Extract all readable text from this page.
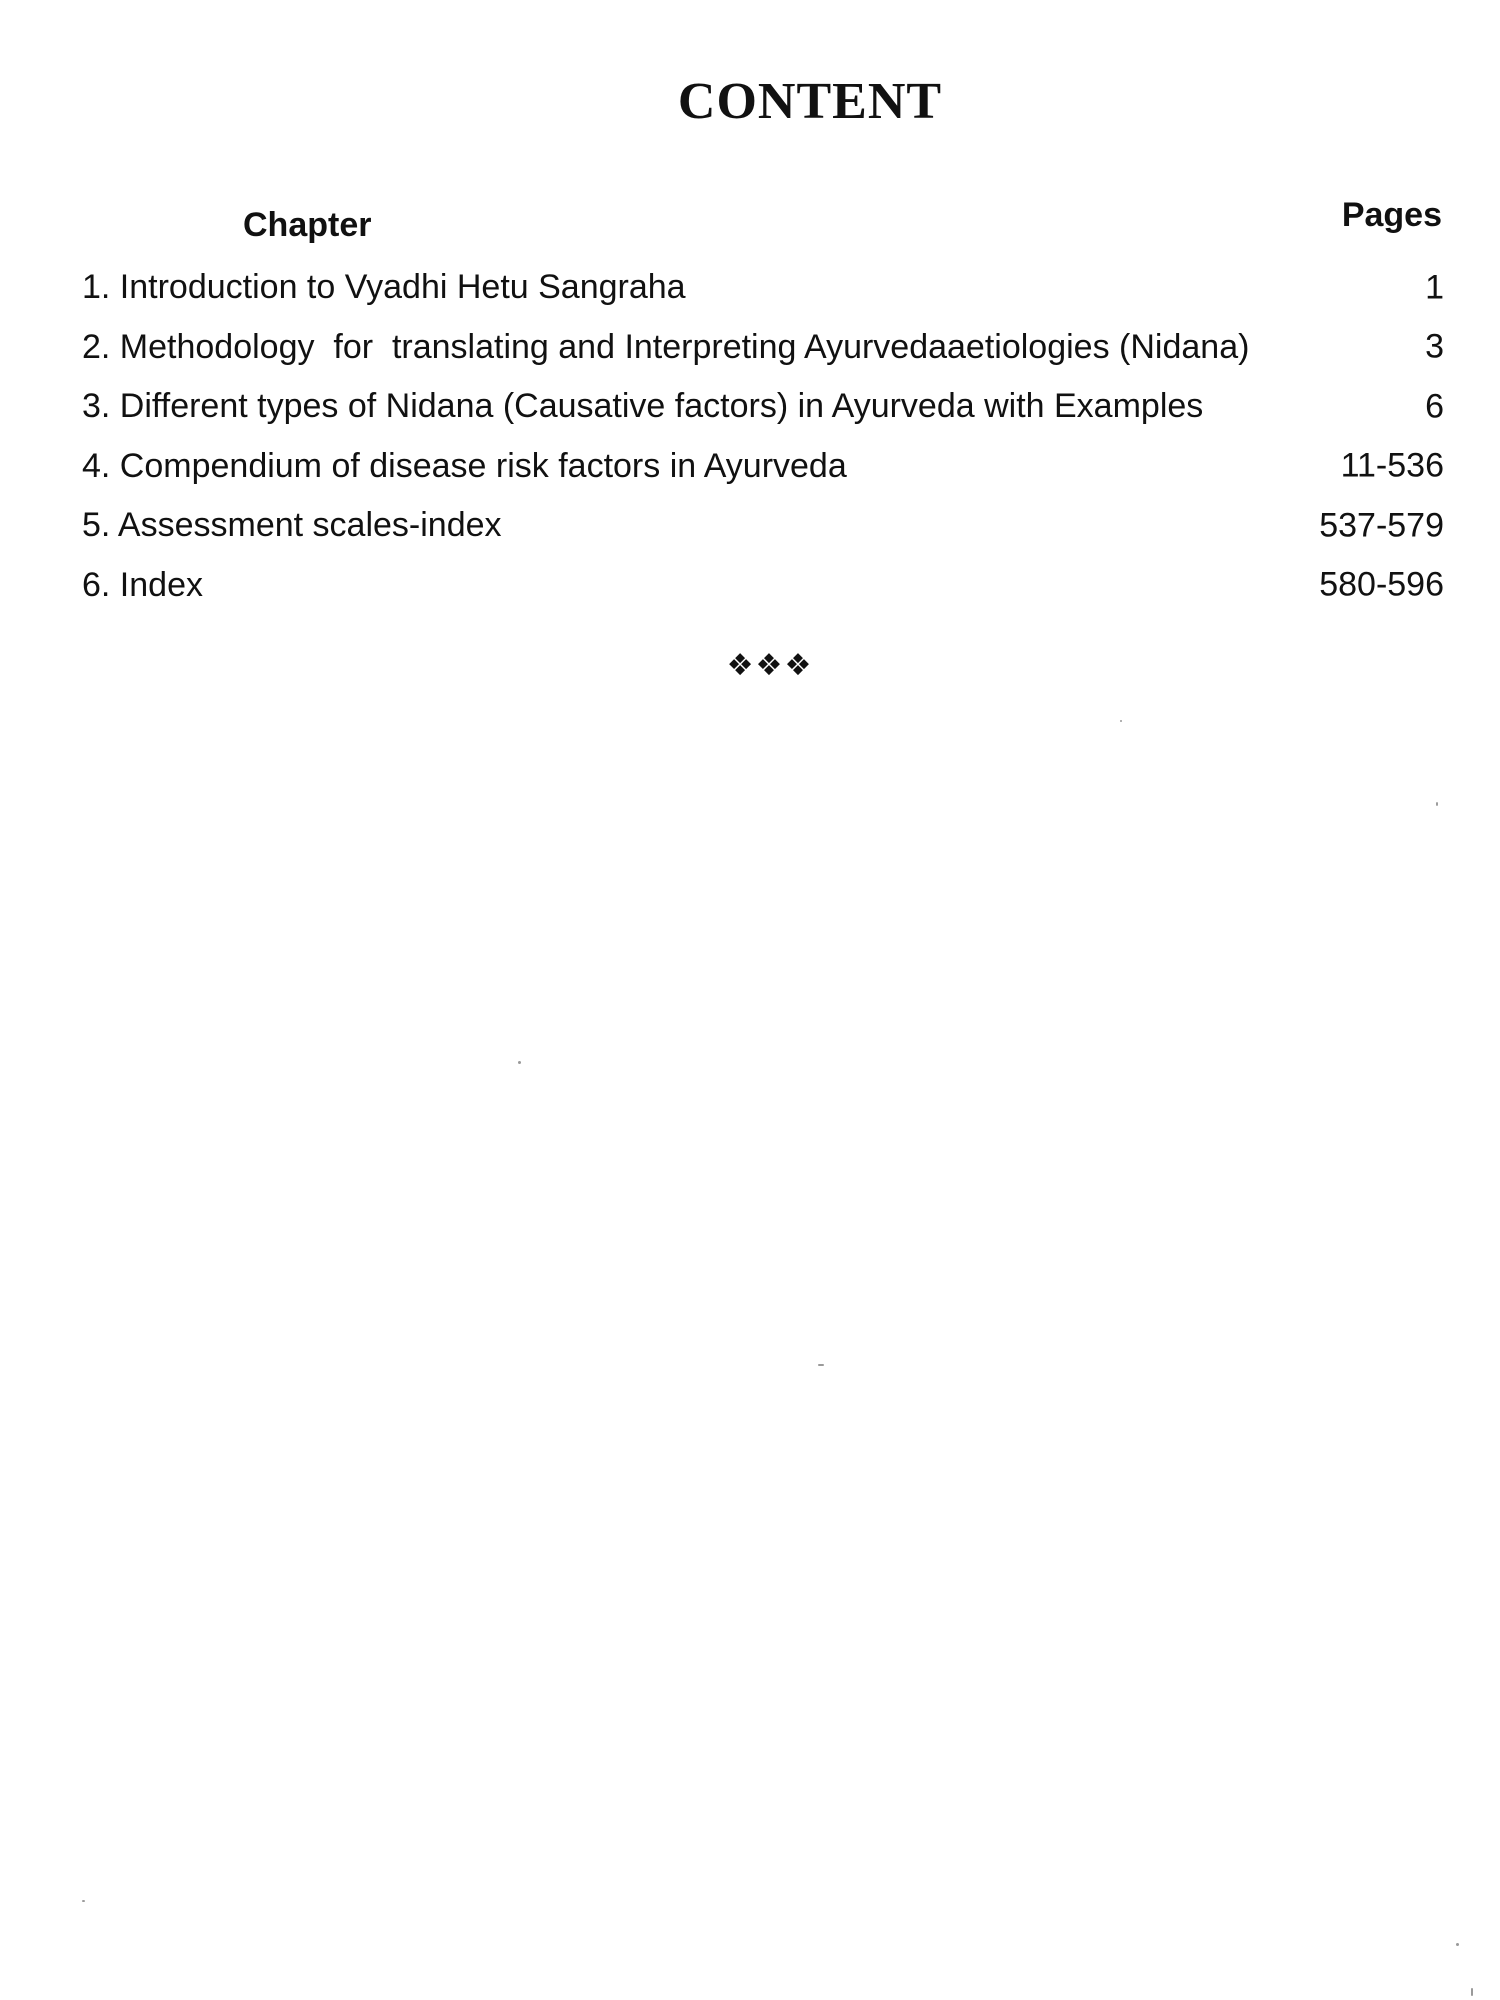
CONTENT
Chapter	Pages
1. Introduction to Vyadhi Hetu Sangraha	1
2. Methodology  for  translating and Interpreting Ayurvedaaetiologies (Nidana)	3
3. Different types of Nidana (Causative factors) in Ayurveda with Examples	6
4. Compendium of disease risk factors in Ayurveda	11-536
5. Assessment scales-index	537-579
6. Index	580-596
❖❖❖
